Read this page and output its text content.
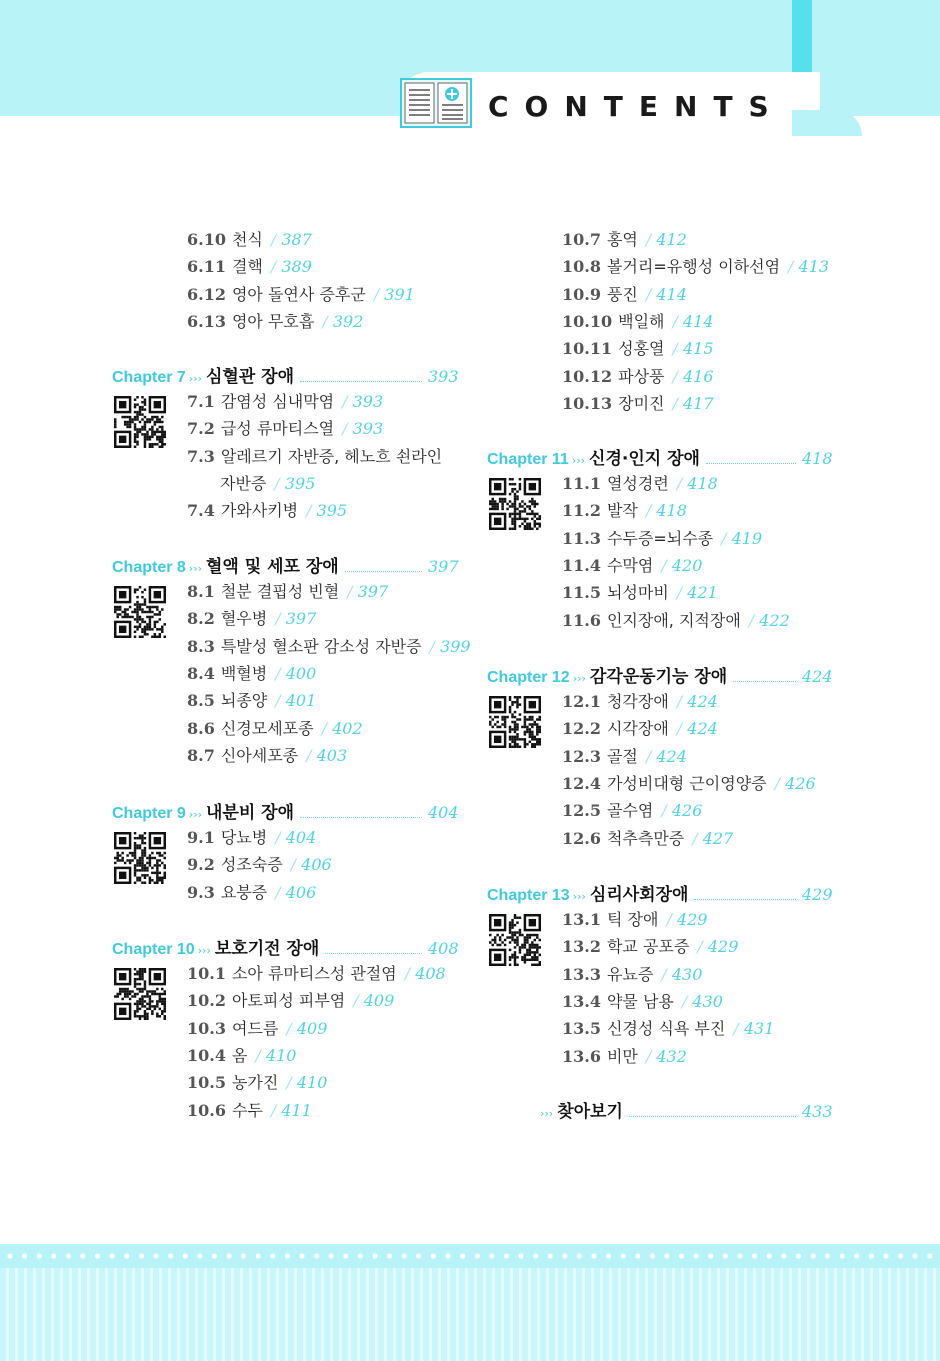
CONTENTS
6.10 천식 / 387
6.11 결핵 / 389
6.12 영아 돌연사 증후군 / 391
6.13 영아 무호흡 / 392
Chapter 7 ››› 심혈관 장애	393
7.1 감염성 심내막염 / 393
7.2 급성 류마티스열 / 393
7.3 알레르기 자반증, 헤노흐 쇤라인
자반증 / 395
7.4 가와사키병 / 395
Chapter 8 ››› 혈액 및 세포 장애	397
8.1 철분 결핍성 빈혈 / 397
8.2 혈우병 / 397
8.3 특발성 혈소판 감소성 자반증 / 399
8.4 백혈병 / 400
8.5 뇌종양 / 401
8.6 신경모세포종 / 402
8.7 신아세포종 / 403
Chapter 9 ››› 내분비 장애	404
9.1 당뇨병 / 404
9.2 성조숙증 / 406
9.3 요붕증 / 406
Chapter 10 ››› 보호기전 장애	408
10.1 소아 류마티스성 관절염 / 408
10.2 아토피성 피부염 / 409
10.3 여드름 / 409
10.4 옴 / 410
10.5 농가진 / 410
10.6 수두 / 411
10.7 홍역 / 412
10.8 볼거리=유행성 이하선염 / 413
10.9 풍진 / 414
10.10 백일해 / 414
10.11 성홍열 / 415
10.12 파상풍 / 416
10.13 장미진 / 417
Chapter 11 ››› 신경·인지 장애	418
11.1 열성경련 / 418
11.2 발작 / 418
11.3 수두증=뇌수종 / 419
11.4 수막염 / 420
11.5 뇌성마비 / 421
11.6 인지장애, 지적장애 / 422
Chapter 12 ››› 감각운동기능 장애	424
12.1 청각장애 / 424
12.2 시각장애 / 424
12.3 골절 / 424
12.4 가성비대형 근이영양증 / 426
12.5 골수염 / 426
12.6 척추측만증 / 427
Chapter 13 ››› 심리사회장애	429
13.1 틱 장애 / 429
13.2 학교 공포증 / 429
13.3 유뇨증 / 430
13.4 약물 남용 / 430
13.5 신경성 식욕 부진 / 431
13.6 비만 / 432
››› 찾아보기	433
